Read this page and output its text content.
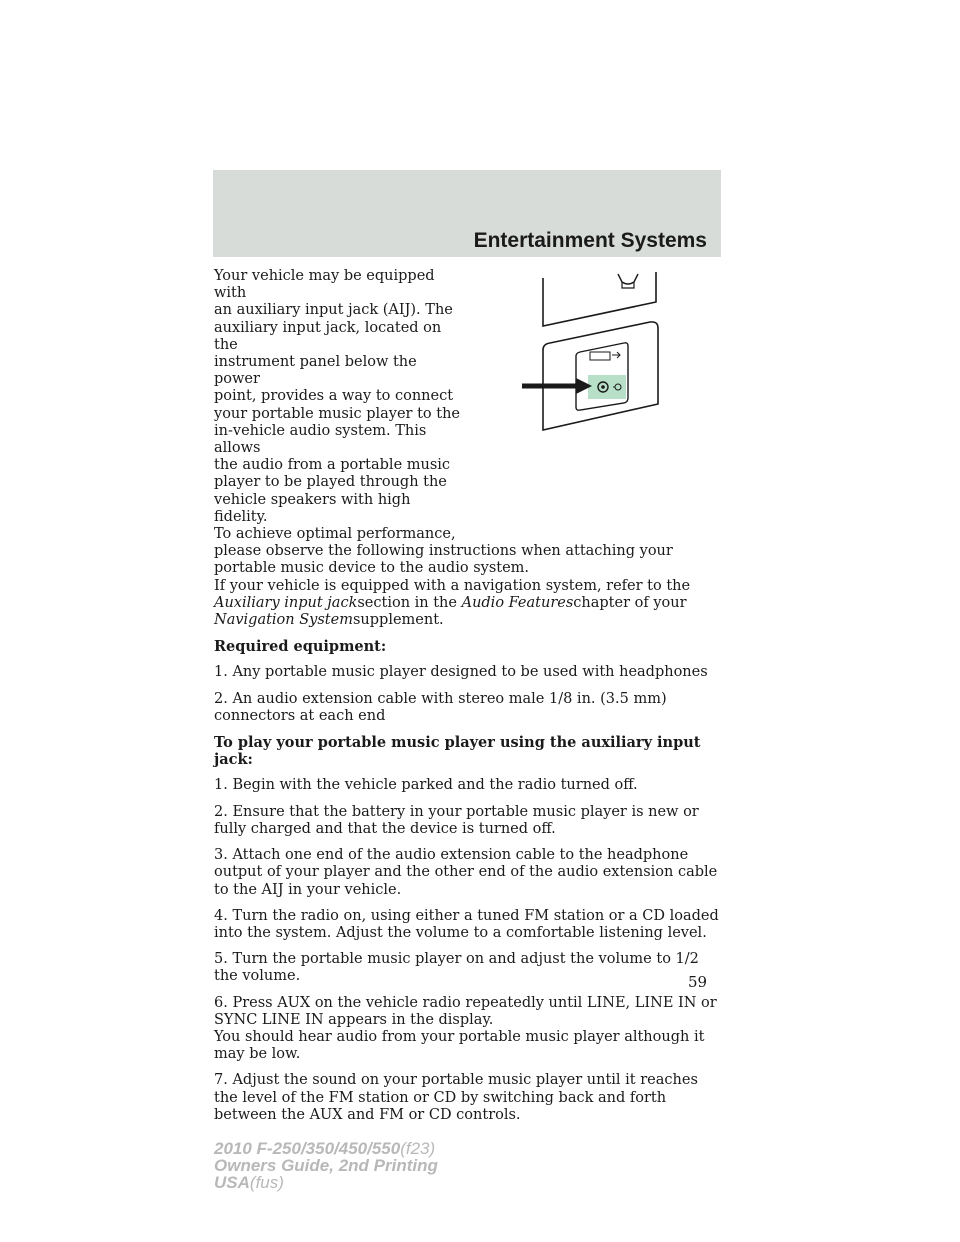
Entertainment Systems
Your vehicle may be equipped with
an auxiliary input jack (AIJ). The
auxiliary input jack, located on the
instrument panel below the power
point, provides a way to connect
your portable music player to the
in-vehicle audio system. This allows
the audio from a portable music
player to be played through the
vehicle speakers with high fidelity.
To achieve optimal performance,

please observe the following instructions when attaching your portable music device to the audio system.

If your vehicle is equipped with a navigation system, refer to the Auxiliary input jacksection in the Audio Featureschapter of your Navigation Systemsupplement.

Required equipment:

1. Any portable music player designed to be used with headphones

2. An audio extension cable with stereo male 1/8 in. (3.5 mm) connectors at each end

To play your portable music player using the auxiliary input jack:

1. Begin with the vehicle parked and the radio turned off.

2. Ensure that the battery in your portable music player is new or fully charged and that the device is turned off.

3. Attach one end of the audio extension cable to the headphone output of your player and the other end of the audio extension cable to the AIJ in your vehicle.

4. Turn the radio on, using either a tuned FM station or a CD loaded into the system. Adjust the volume to a comfortable listening level.

5. Turn the portable music player on and adjust the volume to 1/2 the volume.

6. Press AUX on the vehicle radio repeatedly until LINE, LINE IN or SYNC LINE IN appears in the display.

You should hear audio from your portable music player although it may be low.

7. Adjust the sound on your portable music player until it reaches the level of the FM station or CD by switching back and forth between the AUX and FM or CD controls.

59
2010 F-250/350/450/550(f23)
Owners Guide, 2nd Printing
USA(fus)
